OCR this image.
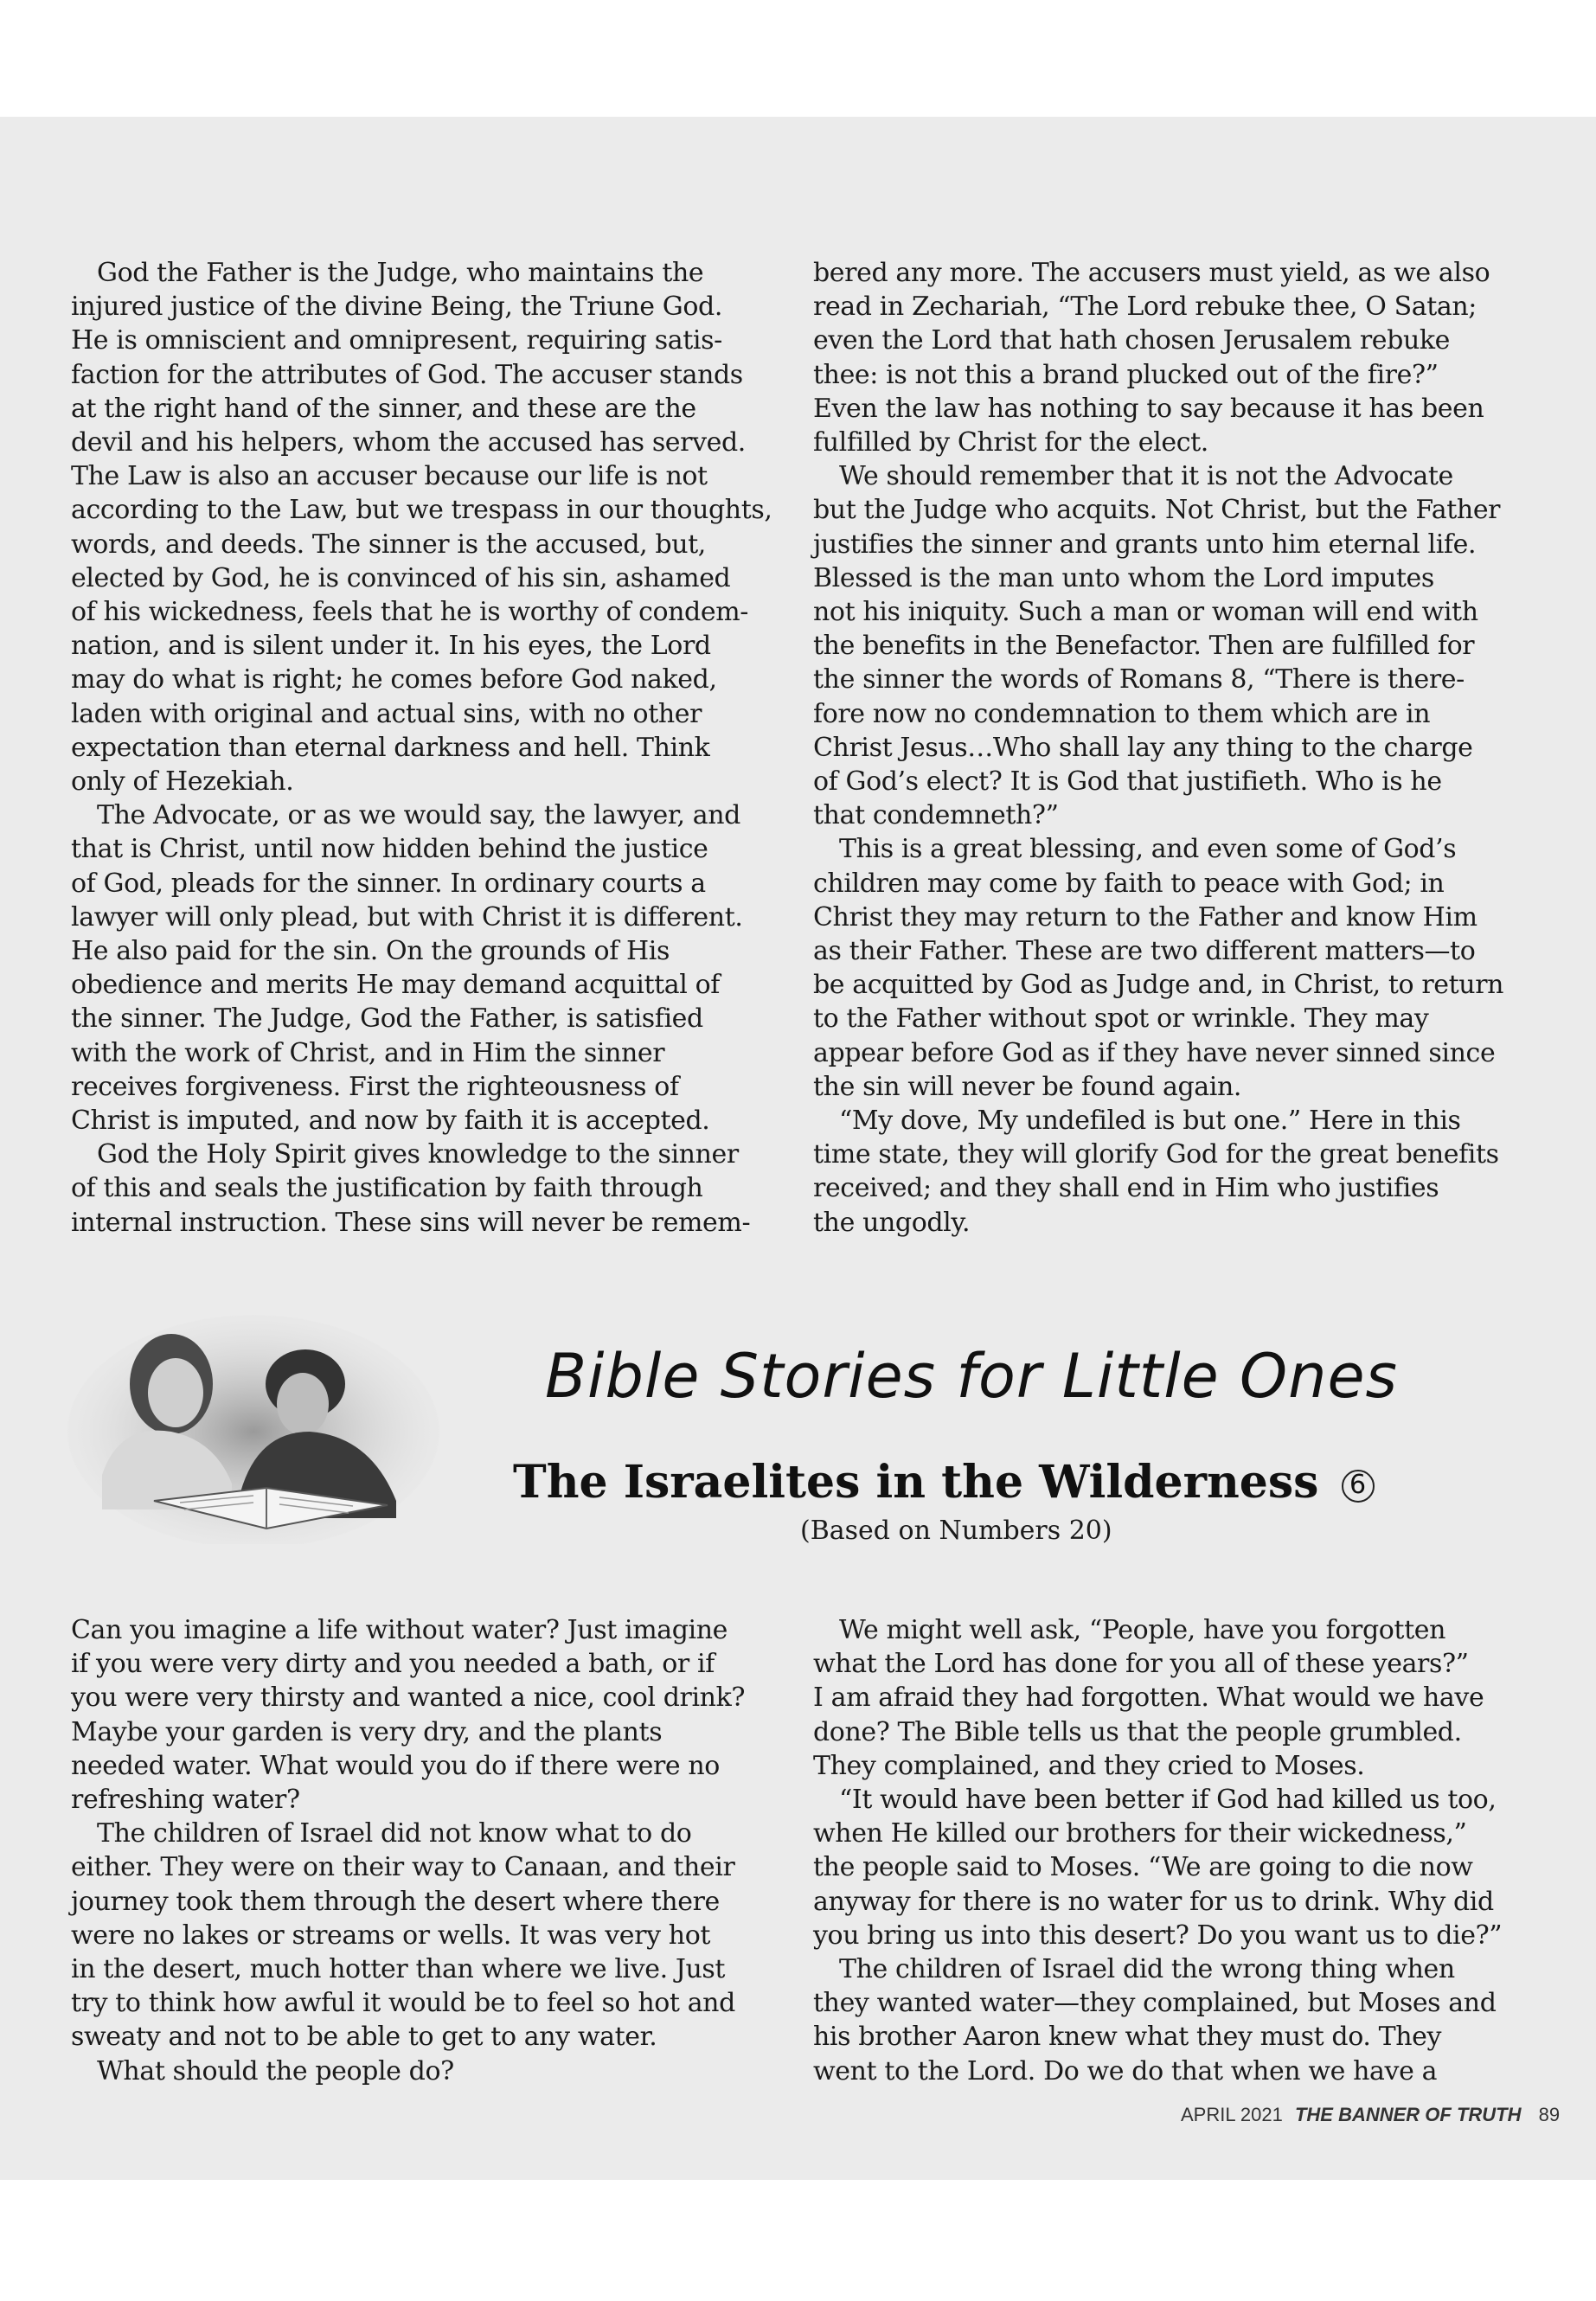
God the Father is the Judge, who maintains the
injured justice of the divine Being, the Triune God.
He is omniscient and omnipresent, requiring satis-
faction for the attributes of God. The accuser stands
at the right hand of the sinner, and these are the
devil and his helpers, whom the accused has served.
The Law is also an accuser because our life is not
according to the Law, but we trespass in our thoughts,
words, and deeds. The sinner is the accused, but,
elected by God, he is convinced of his sin, ashamed
of his wickedness, feels that he is worthy of condem-
nation, and is silent under it. In his eyes, the Lord
may do what is right; he comes before God naked,
laden with original and actual sins, with no other
expectation than eternal darkness and hell. Think
only of Hezekiah.

The Advocate, or as we would say, the lawyer, and
that is Christ, until now hidden behind the justice
of God, pleads for the sinner. In ordinary courts a
lawyer will only plead, but with Christ it is different.
He also paid for the sin. On the grounds of His
obedience and merits He may demand acquittal of
the sinner. The Judge, God the Father, is satisfied
with the work of Christ, and in Him the sinner
receives forgiveness. First the righteousness of
Christ is imputed, and now by faith it is accepted.

God the Holy Spirit gives knowledge to the sinner
of this and seals the justification by faith through
internal instruction. These sins will never be remem-

bered any more. The accusers must yield, as we also
read in Zechariah, “The Lord rebuke thee, O Satan;
even the Lord that hath chosen Jerusalem rebuke
thee: is not this a brand plucked out of the fire?”
Even the law has nothing to say because it has been
fulfilled by Christ for the elect.

We should remember that it is not the Advocate
but the Judge who acquits. Not Christ, but the Father
justifies the sinner and grants unto him eternal life.
Blessed is the man unto whom the Lord imputes
not his iniquity. Such a man or woman will end with
the benefits in the Benefactor. Then are fulfilled for
the sinner the words of Romans 8, “There is there-
fore now no condemnation to them which are in
Christ Jesus…Who shall lay any thing to the charge
of God’s elect? It is God that justifieth. Who is he
that condemneth?”

This is a great blessing, and even some of God’s
children may come by faith to peace with God; in
Christ they may return to the Father and know Him
as their Father. These are two different matters—to
be acquitted by God as Judge and, in Christ, to return
to the Father without spot or wrinkle. They may
appear before God as if they have never sinned since
the sin will never be found again.

“My dove, My undefiled is but one.” Here in this
time state, they will glorify God for the great benefits
received; and they shall end in Him who justifies
the ungodly.

Bible Stories for Little Ones
The Israelites in the Wilderness 6
(Based on Numbers 20)

Can you imagine a life without water? Just imagine
if you were very dirty and you needed a bath, or if
you were very thirsty and wanted a nice, cool drink?
Maybe your garden is very dry, and the plants
needed water. What would you do if there were no
refreshing water?

The children of Israel did not know what to do
either. They were on their way to Canaan, and their
journey took them through the desert where there
were no lakes or streams or wells. It was very hot
in the desert, much hotter than where we live. Just
try to think how awful it would be to feel so hot and
sweaty and not to be able to get to any water.

What should the people do?

We might well ask, “People, have you forgotten
what the Lord has done for you all of these years?”
I am afraid they had forgotten. What would we have
done? The Bible tells us that the people grumbled.
They complained, and they cried to Moses.

“It would have been better if God had killed us too,
when He killed our brothers for their wickedness,”
the people said to Moses. “We are going to die now
anyway for there is no water for us to drink. Why did
you bring us into this desert? Do you want us to die?”

The children of Israel did the wrong thing when
they wanted water—they complained, but Moses and
his brother Aaron knew what they must do. They
went to the Lord. Do we do that when we have a

APRIL 2021 THE BANNER OF TRUTH 89
